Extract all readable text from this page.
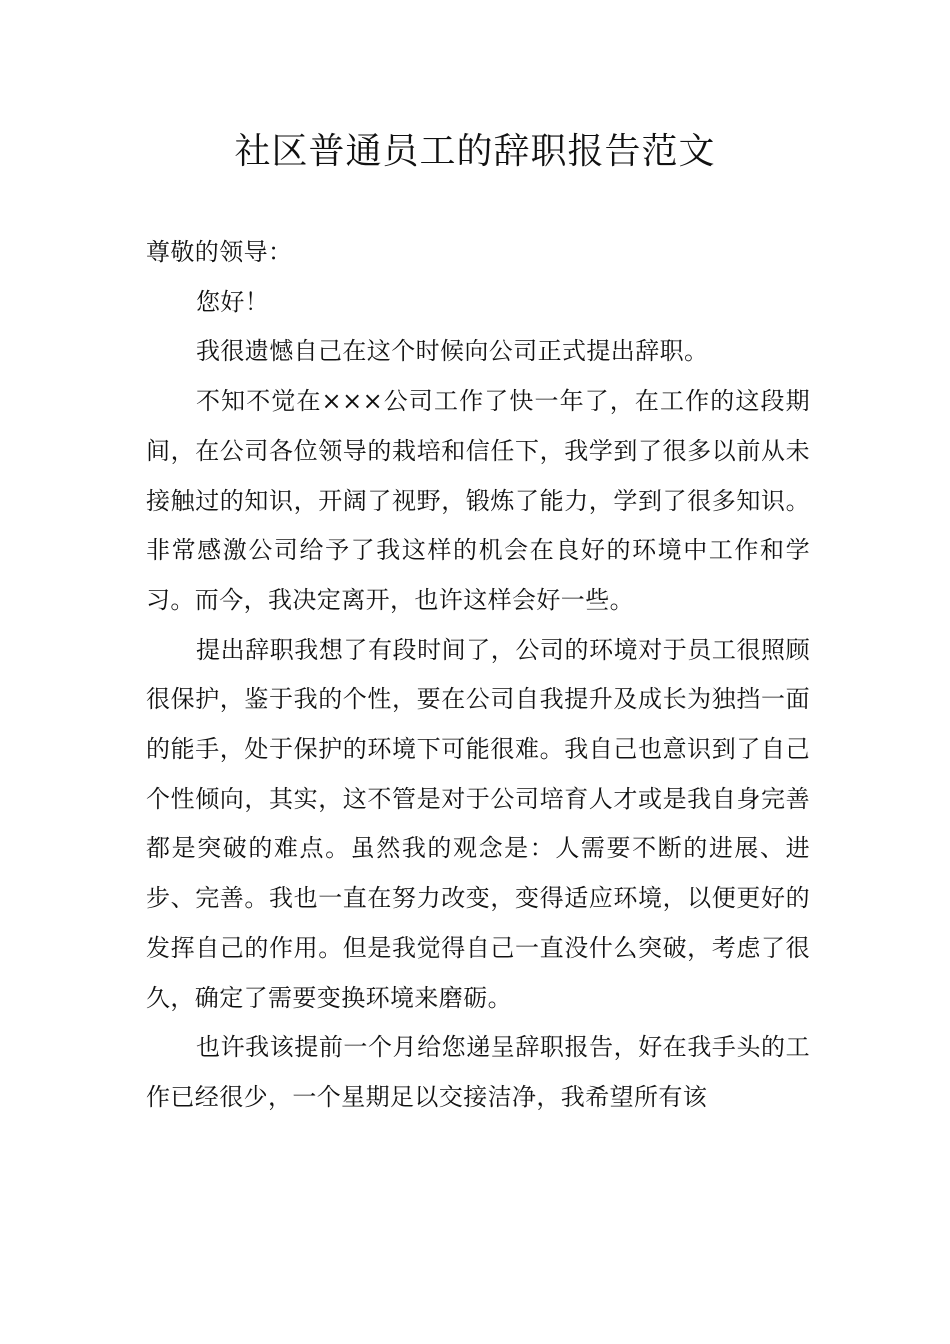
社区普通员工的辞职报告范文

尊敬的领导：

您好！

我很遗憾自己在这个时候向公司正式提出辞职。

不知不觉在×××公司工作了快一年了，在工作的这段期间，在公司各位领导的栽培和信任下，我学到了很多以前从未接触过的知识，开阔了视野，锻炼了能力，学到了很多知识。非常感激公司给予了我这样的机会在良好的环境中工作和学习。而今，我决定离开，也许这样会好一些。

提出辞职我想了有段时间了，公司的环境对于员工很照顾很保护，鉴于我的个性，要在公司自我提升及成长为独挡一面的能手，处于保护的环境下可能很难。我自己也意识到了自己个性倾向，其实，这不管是对于公司培育人才或是我自身完善都是突破的难点。虽然我的观念是：人需要不断的进展、进步、完善。我也一直在努力改变，变得适应环境，以便更好的发挥自己的作用。但是我觉得自己一直没什么突破，考虑了很久，确定了需要变换环境来磨砺。

也许我该提前一个月给您递呈辞职报告，好在我手头的工作已经很少，一个星期足以交接洁净，我希望所有该
